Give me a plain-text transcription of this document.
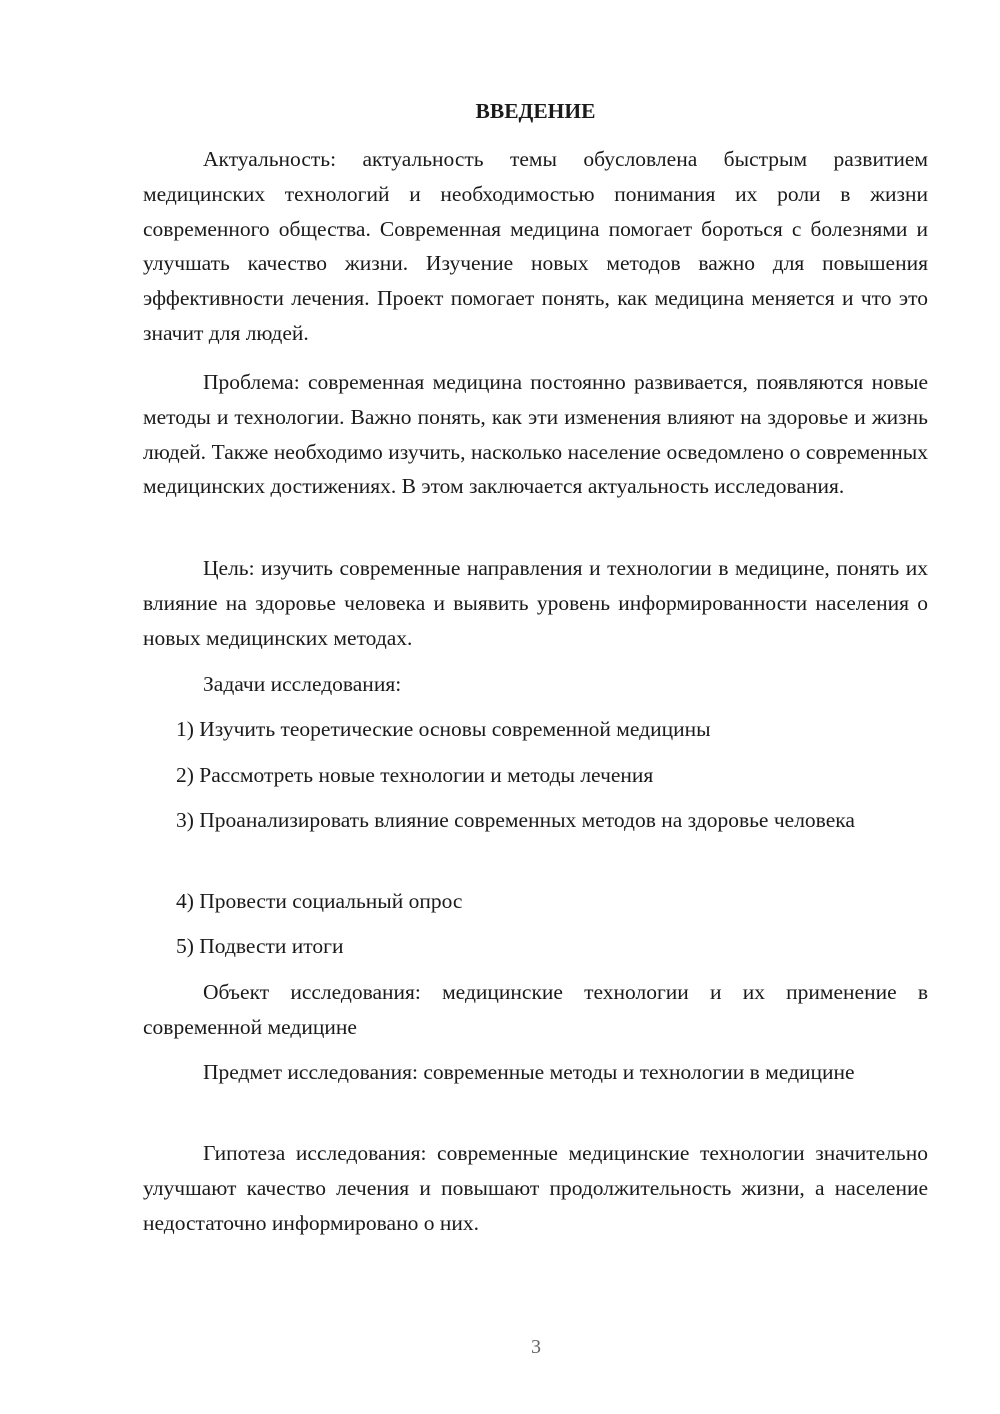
ВВЕДЕНИЕ

Актуальность: актуальность темы обусловлена быстрым развитием медицинских технологий и необходимостью понимания их роли в жизни современного общества. Современная медицина помогает бороться с болезнями и улучшать качество жизни. Изучение новых методов важно для повышения эффективности лечения. Проект помогает понять, как медицина меняется и что это значит для людей.

Проблема: современная медицина постоянно развивается, появляются новые методы и технологии. Важно понять, как эти изменения влияют на здоровье и жизнь людей. Также необходимо изучить, насколько население осведомлено о современных медицинских достижениях. В этом заключается актуальность исследования.

Цель: изучить современные направления и технологии в медицине, понять их влияние на здоровье человека и выявить уровень информированности населения о новых медицинских методах.

Задачи исследования:

1) Изучить теоретические основы современной медицины

2) Рассмотреть новые технологии и методы лечения

3) Проанализировать влияние современных методов на здоровье человека

4) Провести социальный опрос

5) Подвести итоги

Объект исследования: медицинские технологии и их применение в современной медицине

Предмет исследования: современные методы и технологии в медицине

Гипотеза исследования: современные медицинские технологии значительно улучшают качество лечения и повышают продолжительность жизни, а население недостаточно информировано о них.

3
